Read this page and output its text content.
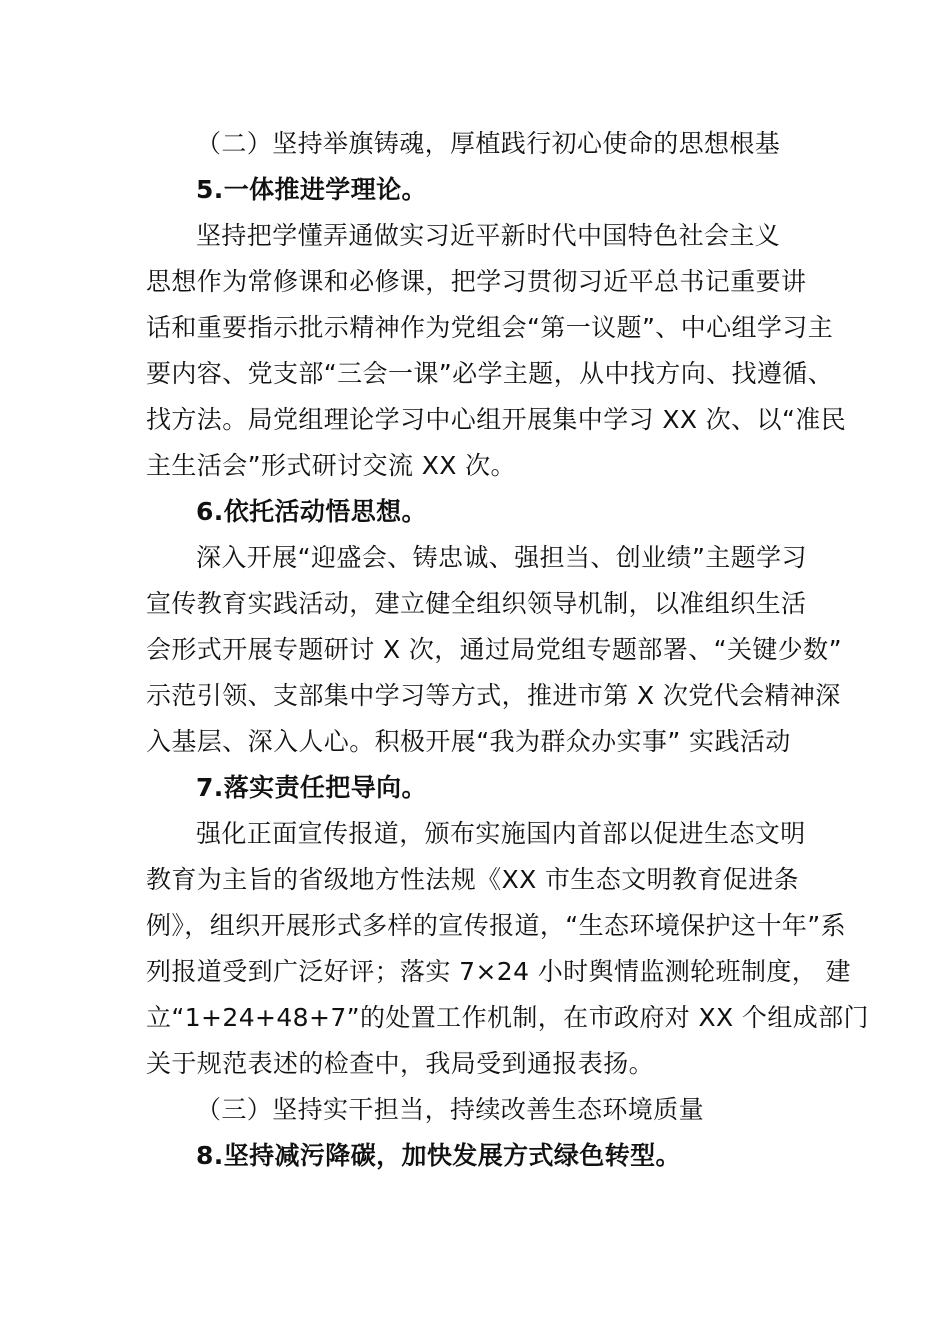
（二）坚持举旗铸魂，厚植践行初心使命的思想根基
5.一体推进学理论。
坚持把学懂弄通做实习近平新时代中国特色社会主义
思想作为常修课和必修课，把学习贯彻习近平总书记重要讲
话和重要指示批示精神作为党组会“第一议题”、中心组学习主
要内容、党支部“三会一课”必学主题，从中找方向、找遵循、
找方法。局党组理论学习中心组开展集中学习 XX 次、以“准民
主生活会”形式研讨交流 XX 次。
6.依托活动悟思想。
深入开展“迎盛会、铸忠诚、强担当、创业绩”主题学习
宣传教育实践活动，建立健全组织领导机制，以准组织生活
会形式开展专题研讨 X 次，通过局党组专题部署、“关键少数”
示范引领、支部集中学习等方式，推进市第 X 次党代会精神深
入基层、深入人心。积极开展“我为群众办实事” 实践活动
7.落实责任把导向。
强化正面宣传报道，颁布实施国内首部以促进生态文明
教育为主旨的省级地方性法规《XX 市生态文明教育促进条
例》，组织开展形式多样的宣传报道，“生态环境保护这十年”系
列报道受到广泛好评；落实 7×24 小时舆情监测轮班制度， 建
立“1+24+48+7”的处置工作机制，在市政府对 XX 个组成部门
关于规范表述的检查中，我局受到通报表扬。
（三）坚持实干担当，持续改善生态环境质量
8.坚持减污降碳，加快发展方式绿色转型。
